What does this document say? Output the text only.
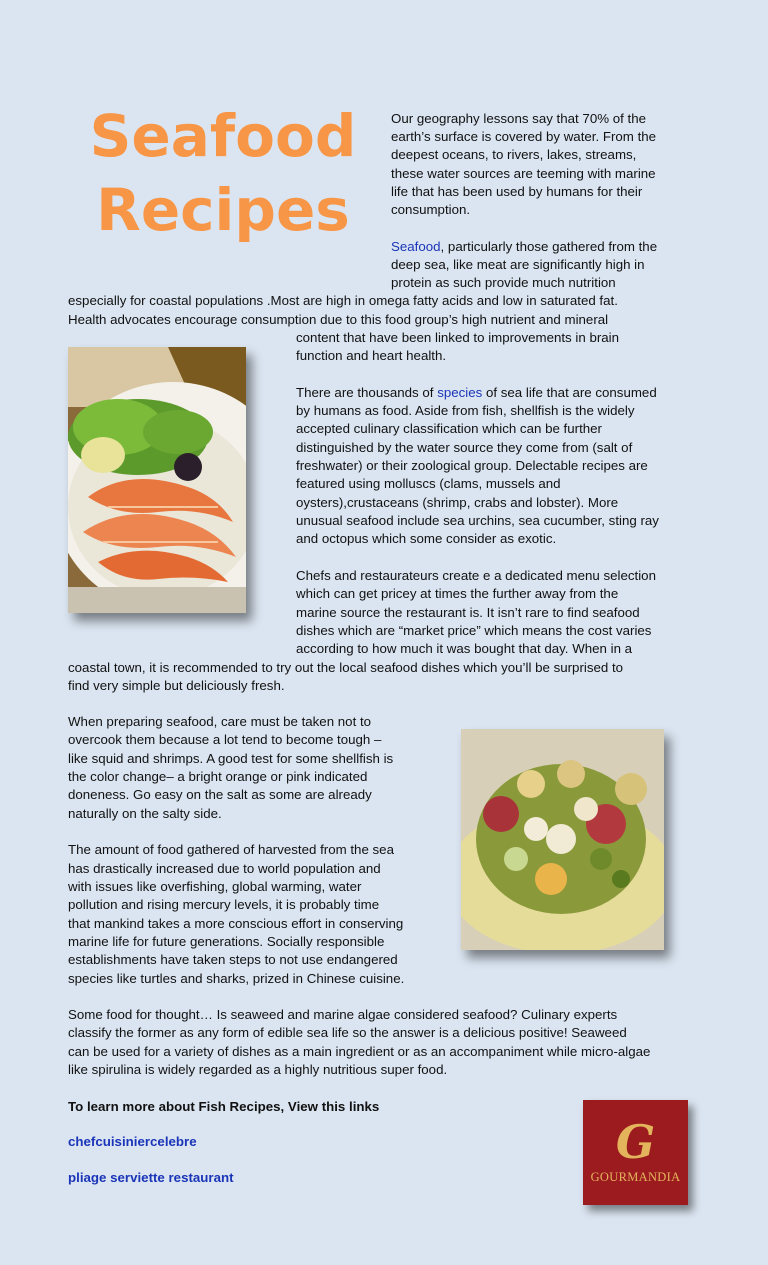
Seafood
Recipes
Our geography lessons say that 70% of the
earth’s surface is covered by water. From the
deepest oceans, to rivers, lakes, streams,
these water sources are teeming with marine
life that has been used by humans for their
consumption.
Seafood, particularly those gathered from the
deep sea, like meat are significantly high in
protein as such provide much nutrition
especially for coastal populations .Most are high in omega fatty acids and low in saturated fat.
Health advocates encourage consumption due to this food group’s high nutrient and mineral
content that have been linked to improvements in brain
function and heart health.
There are thousands of species of sea life that are consumed
by humans as food. Aside from fish, shellfish is the widely
accepted culinary classification which can be further
distinguished by the water source they come from (salt of
freshwater) or their zoological group. Delectable recipes are
featured using molluscs (clams, mussels and
oysters),crustaceans (shrimp, crabs and lobster). More
unusual seafood include sea urchins, sea cucumber, sting ray
and octopus which some consider as exotic.
Chefs and restaurateurs create e a dedicated menu selection
which can get pricey at times the further away from the
marine source the restaurant is. It isn’t rare to find seafood
dishes which are “market price” which means the cost varies
according to how much it was bought that day. When in a
coastal town, it is recommended to try out the local seafood dishes which you’ll be surprised to
find very simple but deliciously fresh.
When preparing seafood, care must be taken not to
overcook them because a lot tend to become tough –
like squid and shrimps. A good test for some shellfish is
the color change– a bright orange or pink indicated
doneness. Go easy on the salt as some are already
naturally on the salty side.
The amount of food gathered of harvested from the sea
has drastically increased due to world population and
with issues like overfishing, global warming, water
pollution and rising mercury levels, it is probably time
that mankind takes a more conscious effort in conserving
marine life for future generations. Socially responsible
establishments have taken steps to not use endangered
species like turtles and sharks, prized in Chinese cuisine.
Some food for thought… Is seaweed and marine algae considered seafood? Culinary experts
classify the former as any form of edible sea life so the answer is a delicious positive! Seaweed
can be used for a variety of dishes as a main ingredient or as an accompaniment while micro-algae
like spirulina is widely regarded as a highly nutritious super food.
To learn more about Fish Recipes, View this links
chefcuisiniercelebre
pliage serviette restaurant
G
GOURMANDIA
